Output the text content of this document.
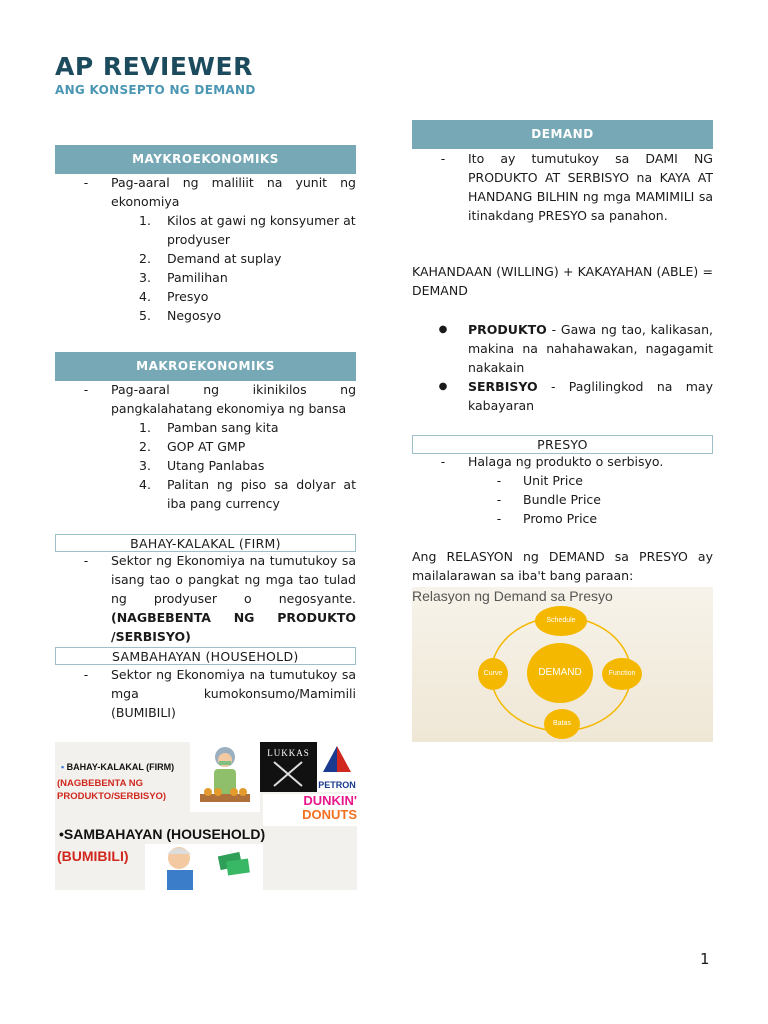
AP REVIEWER
ANG KONSEPTO NG DEMAND
MAYKROEKONOMIKS
- Pag-aaral ng maliliit na yunit ng ekonomiya
1.	Kilos at gawi ng konsyumer at prodyuser
2.	Demand at suplay
3.	Pamilihan
4.	Presyo
5.	Negosyo
MAKROEKONOMIKS
- Pag-aaral ng ikinikilos ng pangkalahatang ekonomiya ng bansa
1.	Pamban sang kita
2.	GOP AT GMP
3.	Utang Panlabas
4.	Palitan ng piso sa dolyar at iba pang currency
BAHAY-KALAKAL (FIRM)
- Sektor ng Ekonomiya na tumutukoy sa isang tao o pangkat ng mga tao tulad ng prodyuser o negosyante. (NAGBEBENTA NG PRODUKTO /SERBISYO)
SAMBAHAYAN (HOUSEHOLD)
- Sektor ng Ekonomiya na tumutukoy sa mga kumokonsumo/Mamimili (BUMIBILI)
• BAHAY-KALAKAL (FIRM)
(NAGBEBENTA NG PRODUKTO/SERBISYO)
•SAMBAHAYAN (HOUSEHOLD)
(BUMIBILI)
LUKKAS
PETRON
DUNKIN'
DONUTS
DEMAND
- Ito ay tumutukoy sa DAMI NG PRODUKTO AT SERBISYO na KAYA AT HANDANG BILHIN ng mga MAMIMILI sa itinakdang PRESYO sa panahon.
KAHANDAAN (WILLING) + KAKAYAHAN (ABLE) = DEMAND
● PRODUKTO - Gawa ng tao, kalikasan, makina na nahahawakan, nagagamit nakakain
● SERBISYO - Paglilingkod na may kabayaran
PRESYO
- Halaga ng produkto o serbisyo.
- Unit Price
- Bundle Price
- Promo Price
Ang RELASYON ng DEMAND sa PRESYO ay mailalarawan sa iba't bang paraan:
Relasyon ng Demand sa Presyo
DEMAND
Schedule
Function
Batas
Curve
1
